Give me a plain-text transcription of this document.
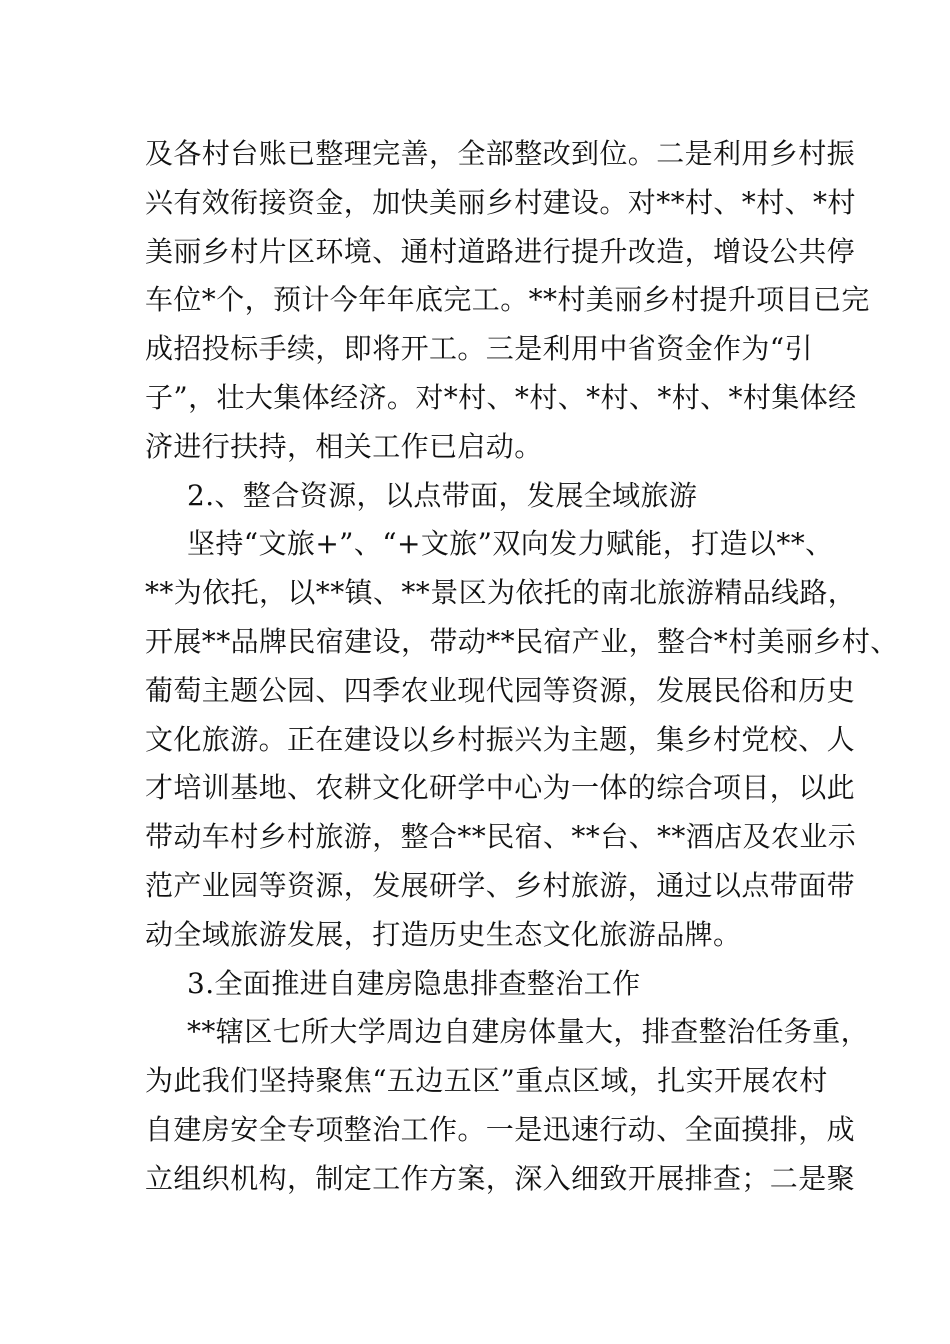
及各村台账已整理完善，全部整改到位。二是利用乡村振
兴有效衔接资金，加快美丽乡村建设。对**村、*村、*村
美丽乡村片区环境、通村道路进行提升改造，增设公共停
车位*个，预计今年年底完工。**村美丽乡村提升项目已完
成招投标手续，即将开工。三是利用中省资金作为“引
子”，壮大集体经济。对*村、*村、*村、*村、*村集体经
济进行扶持，相关工作已启动。
2.、整合资源，以点带面，发展全域旅游
坚持“文旅+”、“+文旅”双向发力赋能，打造以**、
**为依托，以**镇、**景区为依托的南北旅游精品线路，
开展**品牌民宿建设，带动**民宿产业，整合*村美丽乡村、
葡萄主题公园、四季农业现代园等资源，发展民俗和历史
文化旅游。正在建设以乡村振兴为主题，集乡村党校、人
才培训基地、农耕文化研学中心为一体的综合项目，以此
带动车村乡村旅游，整合**民宿、**台、**酒店及农业示
范产业园等资源，发展研学、乡村旅游，通过以点带面带
动全域旅游发展，打造历史生态文化旅游品牌。
3.全面推进自建房隐患排查整治工作
**辖区七所大学周边自建房体量大，排查整治任务重，
为此我们坚持聚焦“五边五区”重点区域，扎实开展农村
自建房安全专项整治工作。一是迅速行动、全面摸排，成
立组织机构，制定工作方案，深入细致开展排查；二是聚
